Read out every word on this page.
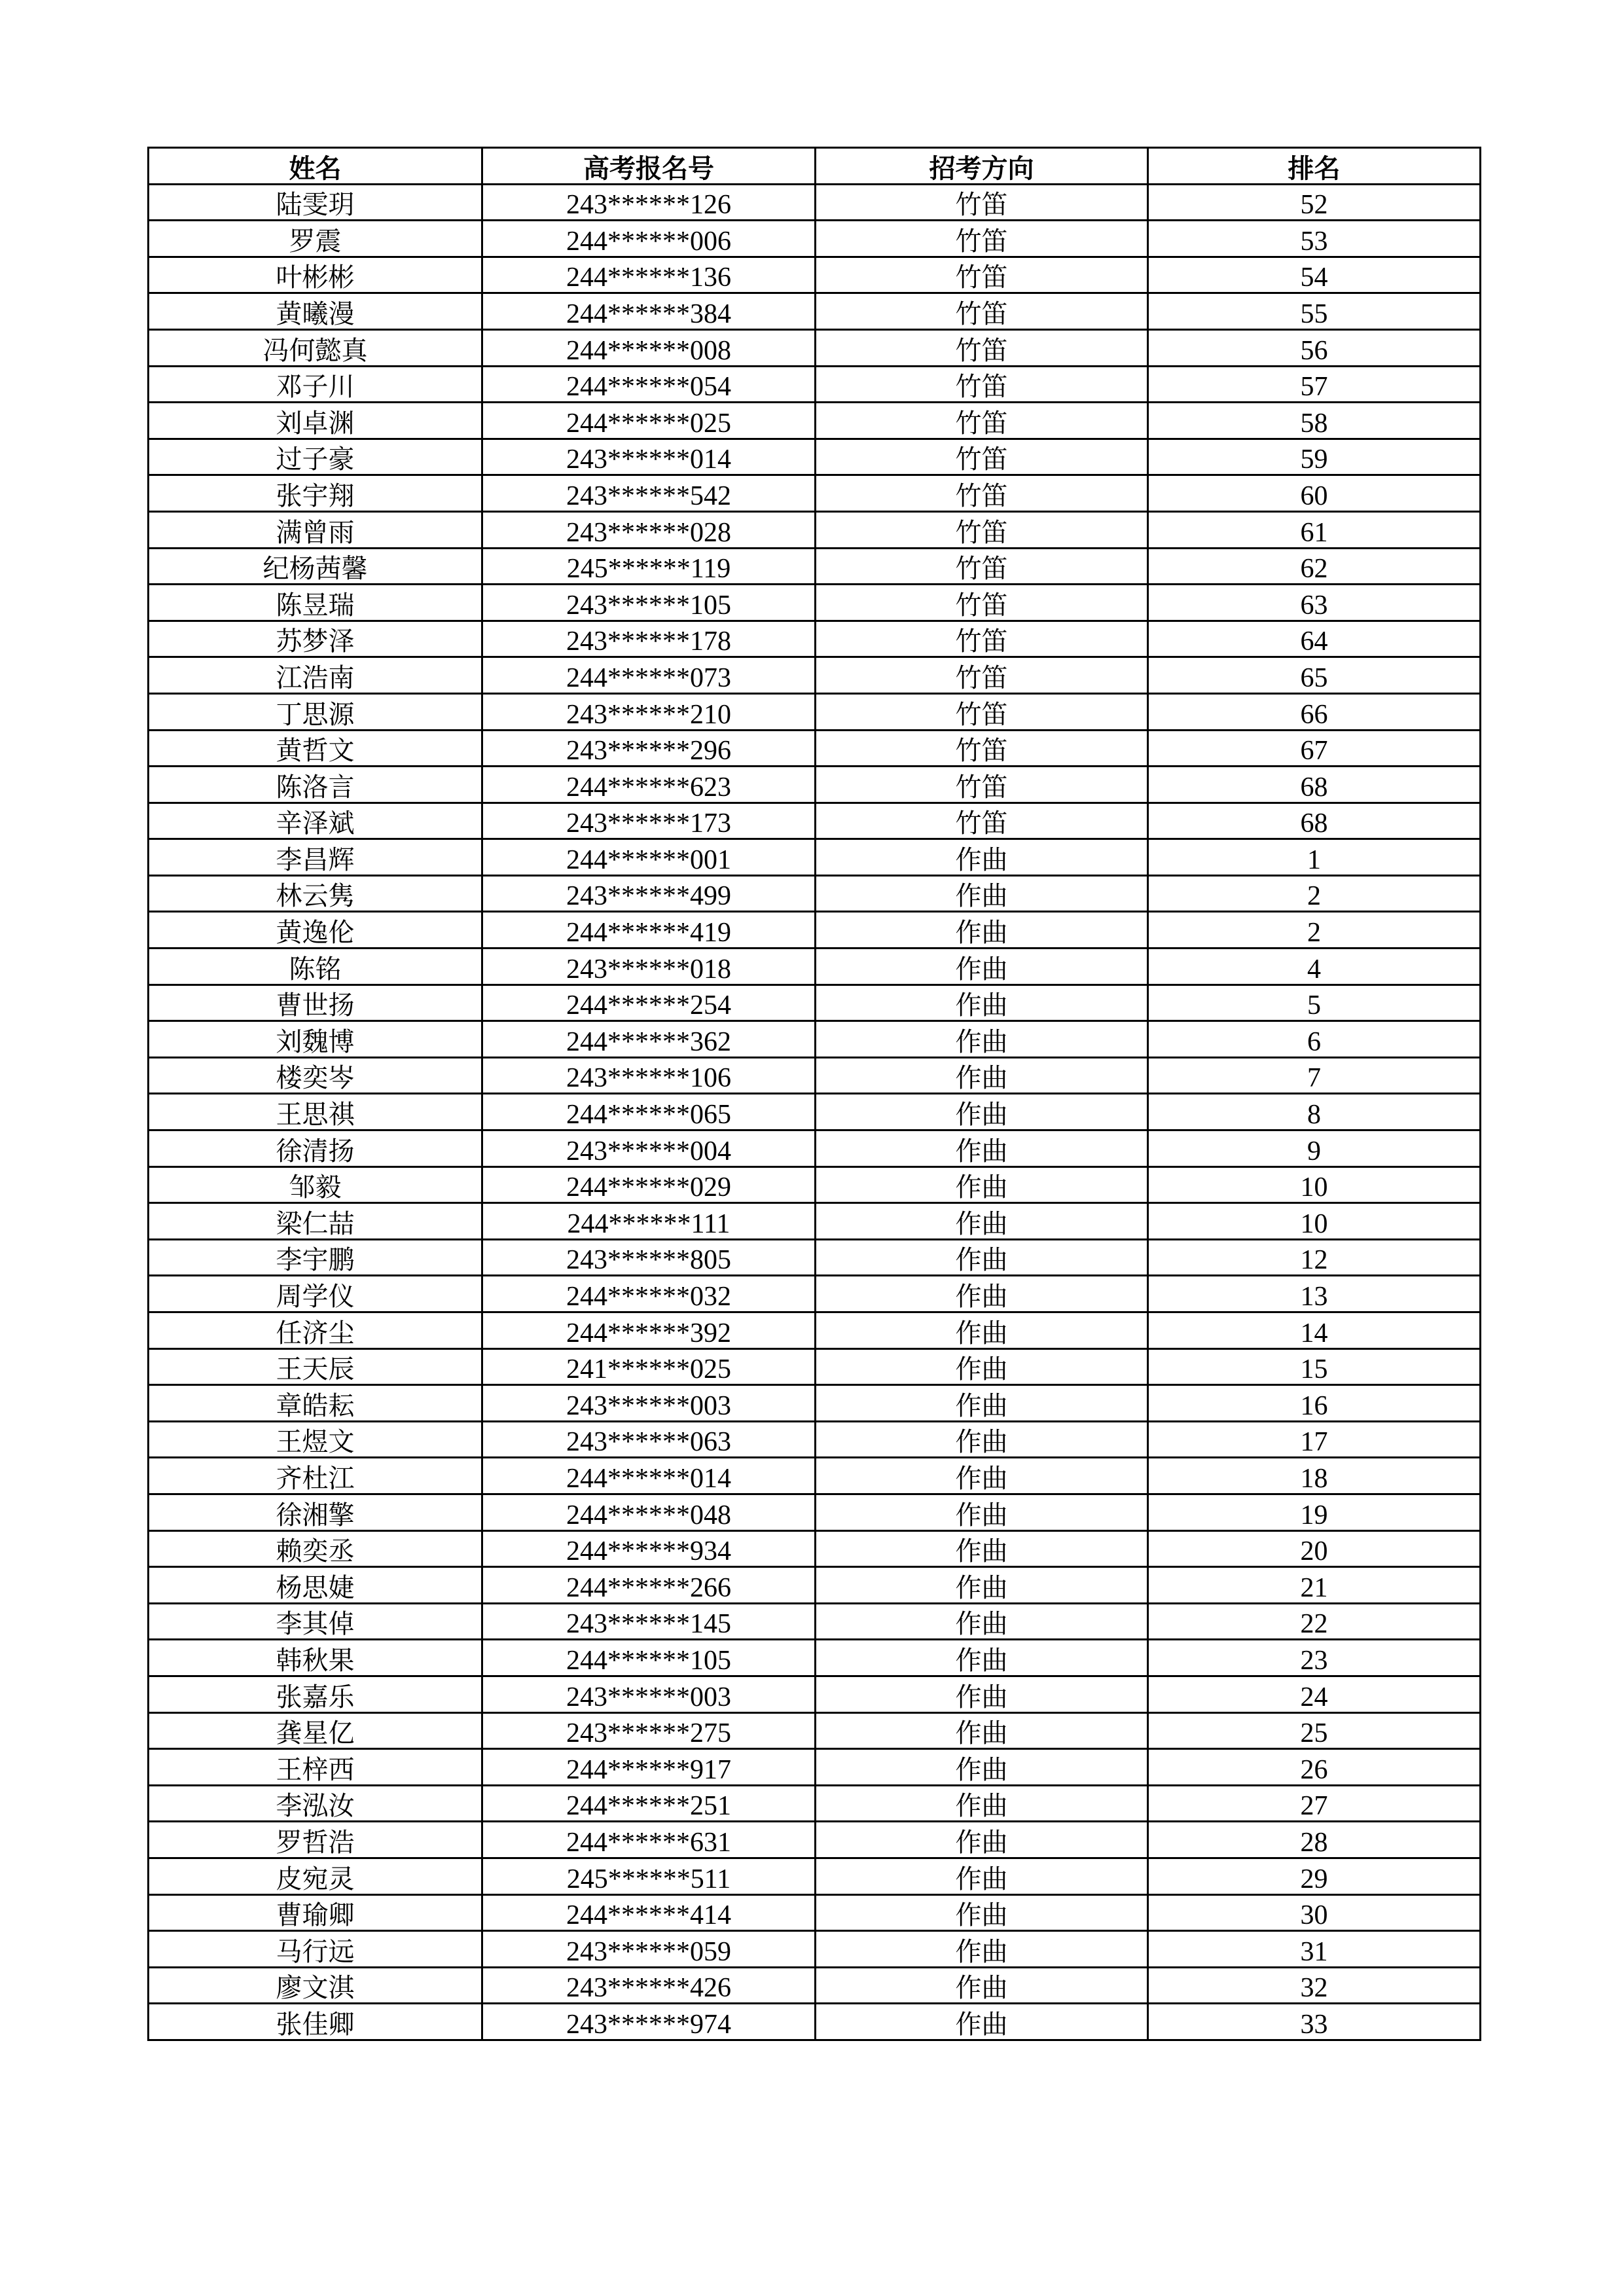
姓名	高考报名号	招考方向	排名
陆雯玥	243******126	竹笛	52
罗震	244******006	竹笛	53
叶彬彬	244******136	竹笛	54
黄曦漫	244******384	竹笛	55
冯何懿真	244******008	竹笛	56
邓子川	244******054	竹笛	57
刘卓渊	244******025	竹笛	58
过子豪	243******014	竹笛	59
张宇翔	243******542	竹笛	60
满曾雨	243******028	竹笛	61
纪杨茜馨	245******119	竹笛	62
陈昱瑞	243******105	竹笛	63
苏梦泽	243******178	竹笛	64
江浩南	244******073	竹笛	65
丁思源	243******210	竹笛	66
黄哲文	243******296	竹笛	67
陈洛言	244******623	竹笛	68
辛泽斌	243******173	竹笛	68
李昌辉	244******001	作曲	1
林云隽	243******499	作曲	2
黄逸伦	244******419	作曲	2
陈铭	243******018	作曲	4
曹世扬	244******254	作曲	5
刘魏博	244******362	作曲	6
楼奕岑	243******106	作曲	7
王思祺	244******065	作曲	8
徐清扬	243******004	作曲	9
邹毅	244******029	作曲	10
梁仁喆	244******111	作曲	10
李宇鹏	243******805	作曲	12
周学仪	244******032	作曲	13
任济尘	244******392	作曲	14
王天辰	241******025	作曲	15
章皓耘	243******003	作曲	16
王煜文	243******063	作曲	17
齐杜江	244******014	作曲	18
徐湘擎	244******048	作曲	19
赖奕丞	244******934	作曲	20
杨思婕	244******266	作曲	21
李其倬	243******145	作曲	22
韩秋果	244******105	作曲	23
张嘉乐	243******003	作曲	24
龚星亿	243******275	作曲	25
王梓西	244******917	作曲	26
李泓汝	244******251	作曲	27
罗哲浩	244******631	作曲	28
皮宛灵	245******511	作曲	29
曹瑜卿	244******414	作曲	30
马行远	243******059	作曲	31
廖文淇	243******426	作曲	32
张佳卿	243******974	作曲	33
